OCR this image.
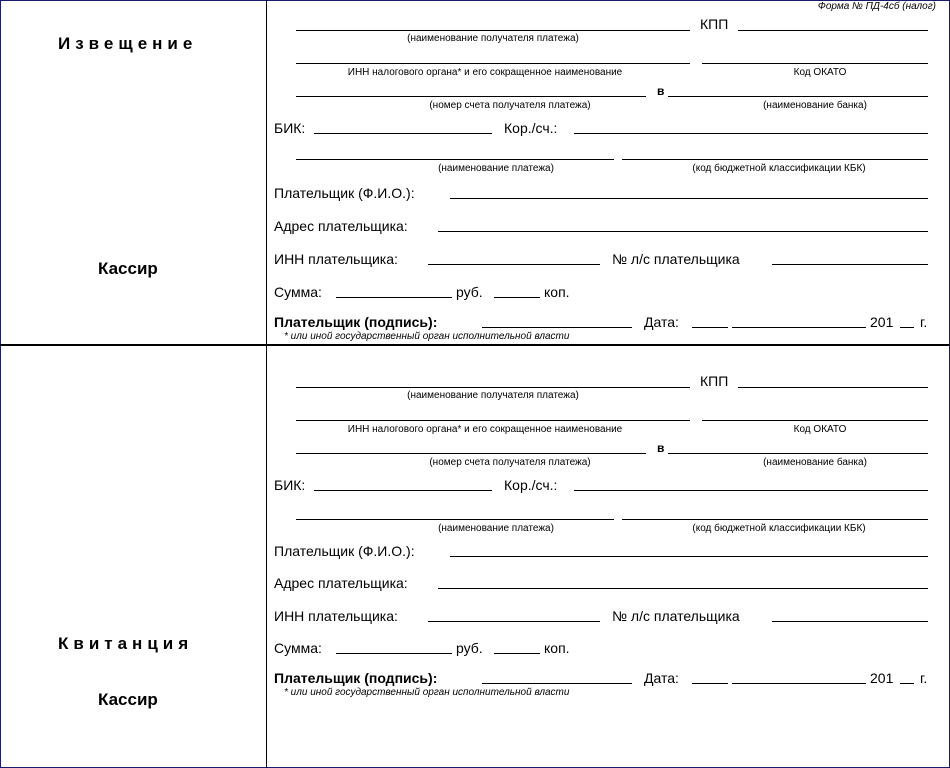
Форма № ПД-4сб (налог)
Извещение
Кассир
Квитанция
Кассир
КПП
(наименование получателя платежа)
ИНН налогового органа* и его сокращенное наименование	Код ОКАТО
в
(номер счета получателя платежа)	(наименование банка)
БИК:	Кор./сч.:
(наименование платежа)	(код бюджетной классификации КБК)
Плательщик (Ф.И.О.):
Адрес плательщика:
ИНН плательщика:	№ л/с плательщика
Сумма:	руб.	коп.
Плательщик (подпись):	Дата:	201 г.
* или иной государственный орган исполнительной власти
КПП
(наименование получателя платежа)
ИНН налогового органа* и его сокращенное наименование	Код ОКАТО
в
(номер счета получателя платежа)	(наименование банка)
БИК:	Кор./сч.:
(наименование платежа)	(код бюджетной классификации КБК)
Плательщик (Ф.И.О.):
Адрес плательщика:
ИНН плательщика:	№ л/с плательщика
Сумма:	руб.	коп.
Плательщик (подпись):	Дата:	201 г.
* или иной государственный орган исполнительной власти
